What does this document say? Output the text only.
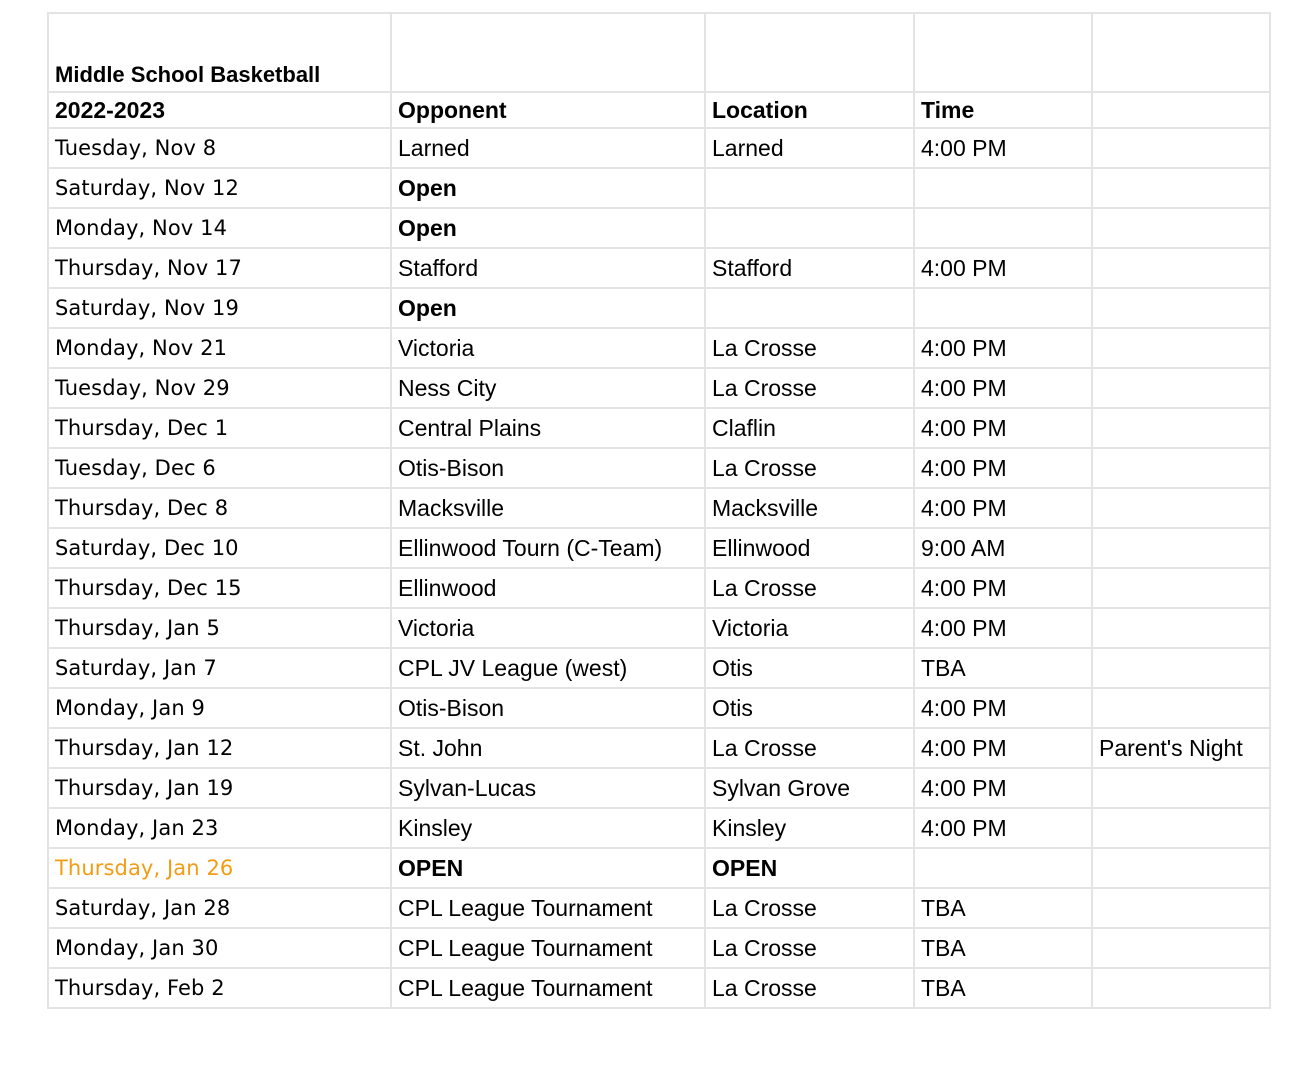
Middle School Basketball				
2022-2023	Opponent	Location	Time	
Tuesday, Nov 8	Larned	Larned	4:00 PM	
Saturday, Nov 12	Open			
Monday, Nov 14	Open			
Thursday, Nov 17	Stafford	Stafford	4:00 PM	
Saturday, Nov 19	Open			
Monday, Nov 21	Victoria	La Crosse	4:00 PM	
Tuesday, Nov 29	Ness City	La Crosse	4:00 PM	
Thursday, Dec 1	Central Plains	Claflin	4:00 PM	
Tuesday, Dec 6	Otis-Bison	La Crosse	4:00 PM	
Thursday, Dec 8	Macksville	Macksville	4:00 PM	
Saturday, Dec 10	Ellinwood Tourn (C-Team)	Ellinwood	9:00 AM	
Thursday, Dec 15	Ellinwood	La Crosse	4:00 PM	
Thursday, Jan 5	Victoria	Victoria	4:00 PM	
Saturday, Jan 7	CPL JV League (west)	Otis	TBA	
Monday, Jan 9	Otis-Bison	Otis	4:00 PM	
Thursday, Jan 12	St. John	La Crosse	4:00 PM	Parent's Night
Thursday, Jan 19	Sylvan-Lucas	Sylvan Grove	4:00 PM	
Monday, Jan 23	Kinsley	Kinsley	4:00 PM	
Thursday, Jan 26	OPEN	OPEN		
Saturday, Jan 28	CPL League Tournament	La Crosse	TBA	
Monday, Jan 30	CPL League Tournament	La Crosse	TBA	
Thursday, Feb 2	CPL League Tournament	La Crosse	TBA	
